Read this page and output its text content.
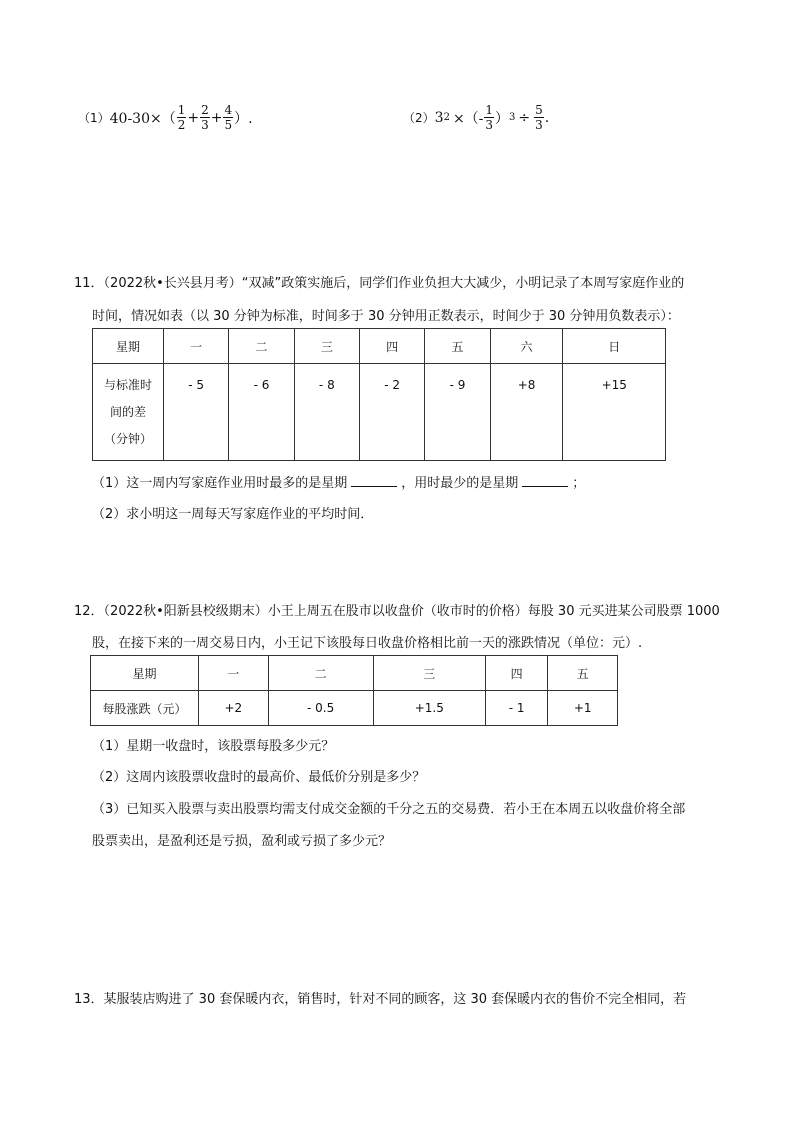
（1） $40-30\times( \frac{1}{2} + \frac{2}{3} + \frac{4}{5}$ ）.	（2） 3 2 ×（- $\frac{1}{3}$ ） $3 \div \frac{5}{3}$ .
11．（2022秋•长兴县月考）“双减”政策实施后，同学们作业负担大大减少，小明记录了本周写家庭作业的
时间，情况如表（以 30 分钟为标准，时间多于 30 分钟用正数表示，时间少于 30 分钟用负数表示）：
星期	一	二	三	四	五	六	日

与标准时
间的差
（分钟）	- 5	- 6	- 8	- 2	- 9	+8	+15
（1）这一周内写家庭作业用时最多的是星期	，用时最少的是星期	；
（2）求小明这一周每天写家庭作业的平均时间．
12．（2022秋•阳新县校级期末）小王上周五在股市以收盘价（收市时的价格）每股 30 元买进某公司股票 1000
股，在接下来的一周交易日内，小王记下该股每日收盘价格相比前一天的涨跌情况（单位：元）.
星期	一	二	三	四	五
每股涨跌（元）	+2	- 0.5	+1.5	- 1	+1
（1）星期一收盘时，该股票每股多少元？
（2）这周内该股票收盘时的最高价、最低价分别是多少？
（3）已知买入股票与卖出股票均需支付成交金额的千分之五的交易费．若小王在本周五以收盘价将全部
股票卖出，是盈利还是亏损，盈利或亏损了多少元？
13．某服装店购进了 30 套保暖内衣，销售时，针对不同的顾客，这 30 套保暖内衣的售价不完全相同，若
